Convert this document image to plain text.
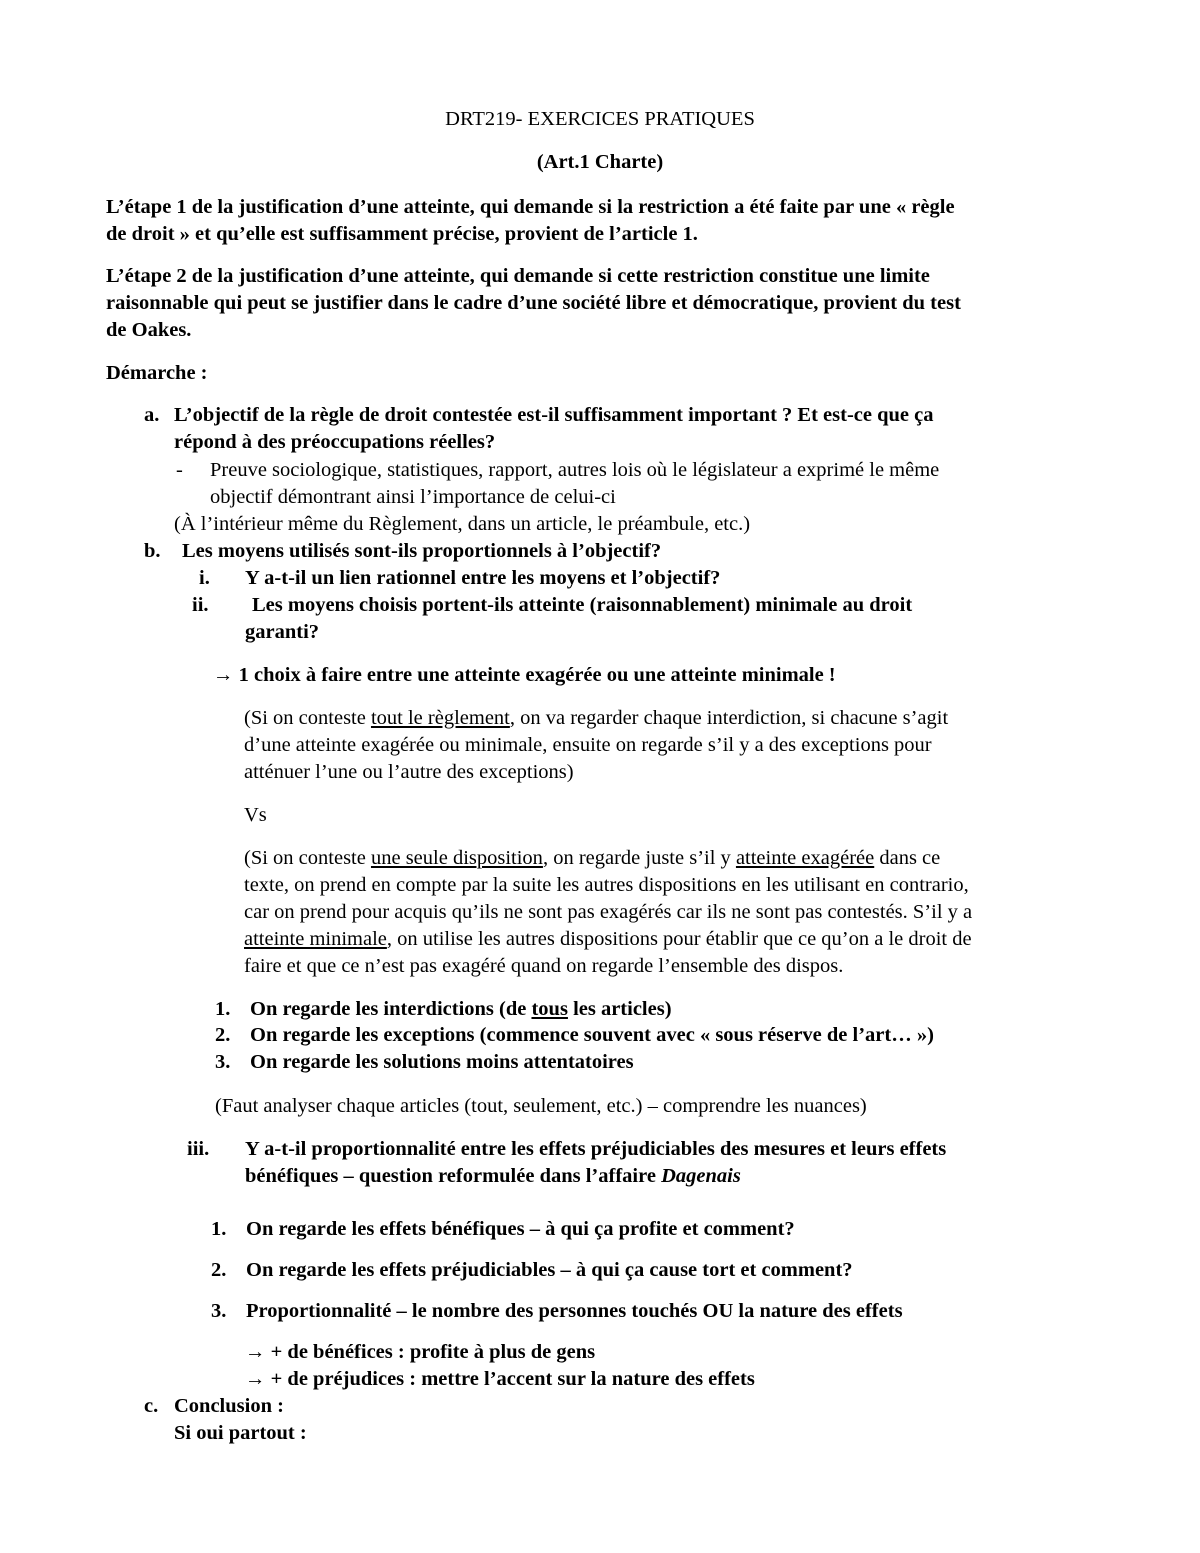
DRT219- EXERCICES PRATIQUES
(Art.1 Charte)
L’étape 1 de la justification d’une atteinte, qui demande si la restriction a été faite par une « règle
de droit » et qu’elle est suffisamment précise, provient de l’article 1.
L’étape 2 de la justification d’une atteinte, qui demande si cette restriction constitue une limite
raisonnable qui peut se justifier dans le cadre d’une société libre et démocratique, provient du test
de Oakes.
Démarche :
a. L’objectif de la règle de droit contestée est-il suffisamment important ? Et est-ce que ça
répond à des préoccupations réelles?
- Preuve sociologique, statistiques, rapport, autres lois où le législateur a exprimé le même
objectif démontrant ainsi l’importance de celui-ci
(À l’intérieur même du Règlement, dans un article, le préambule, etc.)
b. Les moyens utilisés sont-ils proportionnels à l’objectif?
i. Y a-t-il un lien rationnel entre les moyens et l’objectif?
ii. Les moyens choisis portent-ils atteinte (raisonnablement) minimale au droit
garanti?
→ 1 choix à faire entre une atteinte exagérée ou une atteinte minimale !
(Si on conteste tout le règlement, on va regarder chaque interdiction, si chacune s’agit
d’une atteinte exagérée ou minimale, ensuite on regarde s’il y a des exceptions pour
atténuer l’une ou l’autre des exceptions)
Vs
(Si on conteste une seule disposition, on regarde juste s’il y atteinte exagérée dans ce
texte, on prend en compte par la suite les autres dispositions en les utilisant en contrario,
car on prend pour acquis qu’ils ne sont pas exagérés car ils ne sont pas contestés. S’il y a
atteinte minimale, on utilise les autres dispositions pour établir que ce qu’on a le droit de
faire et que ce n’est pas exagéré quand on regarde l’ensemble des dispos.
1. On regarde les interdictions (de tous les articles)
2. On regarde les exceptions (commence souvent avec « sous réserve de l’art… »)
3. On regarde les solutions moins attentatoires
(Faut analyser chaque articles (tout, seulement, etc.) – comprendre les nuances)
iii. Y a-t-il proportionnalité entre les effets préjudiciables des mesures et leurs effets
bénéfiques – question reformulée dans l’affaire Dagenais
1. On regarde les effets bénéfiques – à qui ça profite et comment?
2. On regarde les effets préjudiciables – à qui ça cause tort et comment?
3. Proportionnalité – le nombre des personnes touchés OU la nature des effets
→ + de bénéfices : profite à plus de gens
→ + de préjudices : mettre l’accent sur la nature des effets
c. Conclusion :
Si oui partout :
